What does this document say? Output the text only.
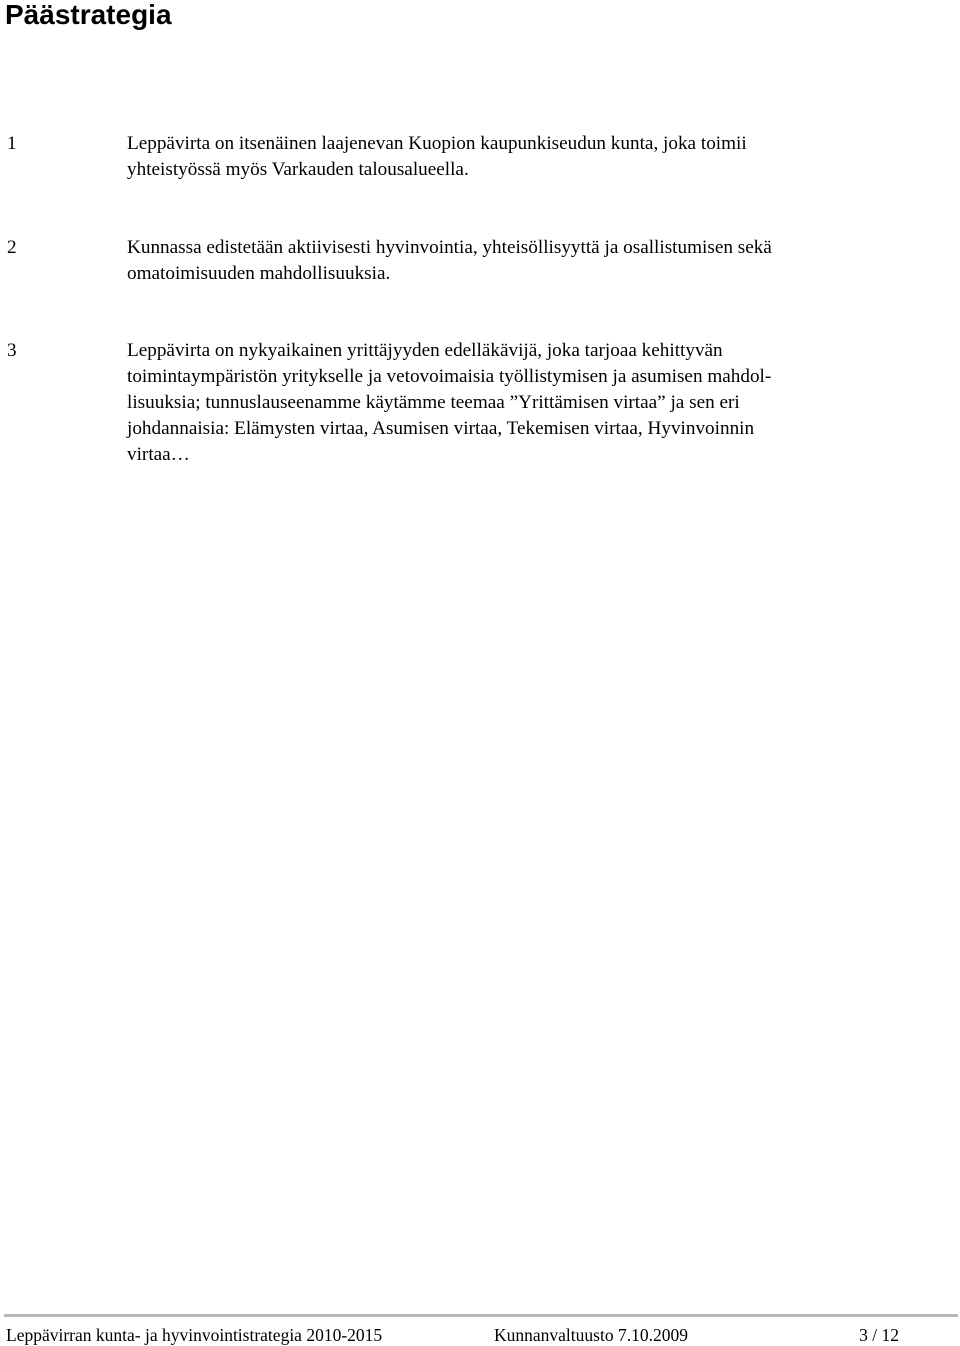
Päästrategia
1	Leppävirta on itsenäinen laajenevan Kuopion kaupunkiseudun kunta, joka toimii
yhteistyössä myös Varkauden talousalueella.
2	Kunnassa edistetään aktiivisesti hyvinvointia, yhteisöllisyyttä ja osallistumisen sekä
omatoimisuuden mahdollisuuksia.
3	Leppävirta on nykyaikainen yrittäjyyden edelläkävijä, joka tarjoaa kehittyvän
toimintaympäristön yritykselle ja vetovoimaisia työllistymisen ja asumisen mahdol-
lisuuksia; tunnuslauseenamme käytämme teemaa ”Yrittämisen virtaa” ja sen eri
johdannaisia: Elämysten virtaa, Asumisen virtaa, Tekemisen virtaa, Hyvinvoinnin
virtaa…
Leppävirran kunta- ja hyvinvointistrategia 2010-2015	Kunnanvaltuusto 7.10.2009	3 / 12
